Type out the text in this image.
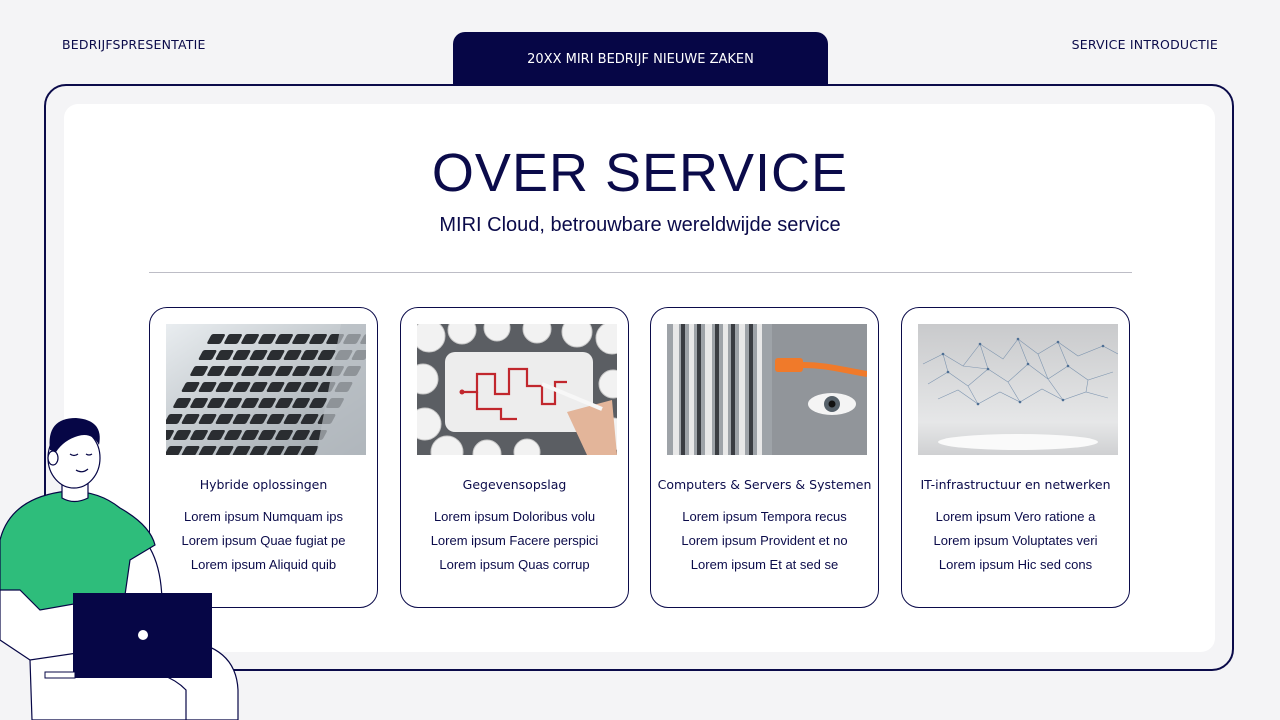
BEDRIJFSPRESENTATIE
20XX MIRI BEDRIJF NIEUWE ZAKEN
SERVICE INTRODUCTIE
OVER SERVICE
MIRI Cloud, betrouwbare wereldwijde service
Hybride oplossingen
Lorem ipsum Numquam ips
Lorem ipsum Quae fugiat pe
Lorem ipsum Aliquid quib
Gegevensopslag
Lorem ipsum Doloribus volu
Lorem ipsum Facere perspici
Lorem ipsum Quas corrup
Computers & Servers & Systemen
Lorem ipsum Tempora recus
Lorem ipsum Provident et no
Lorem ipsum Et at sed se
IT-infrastructuur en netwerken
Lorem ipsum Vero ratione a
Lorem ipsum Voluptates veri
Lorem ipsum Hic sed cons
